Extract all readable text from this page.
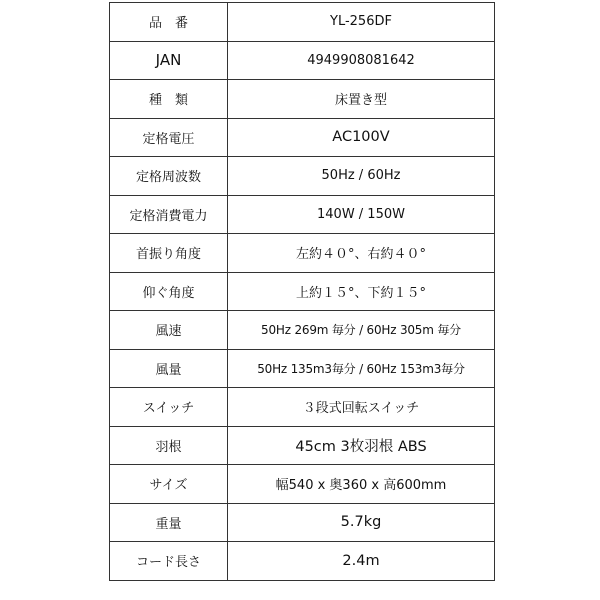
品　番	YL-256DF
JAN	4949908081642
種　類	床置き型
定格電圧	AC100V
定格周波数	50Hz / 60Hz
定格消費電力	140W / 150W
首振り角度	左約４０°、右約４０°
仰ぐ角度	上約１５°、下約１５°
風速	50Hz 269m 毎分 / 60Hz 305m 毎分
風量	50Hz 135m3毎分 / 60Hz 153m3毎分
スイッチ	３段式回転スイッチ
羽根	45cm 3枚羽根 ABS
サイズ	幅540 x 奥360 x 高600mm
重量	5.7kg
コード長さ	2.4m
